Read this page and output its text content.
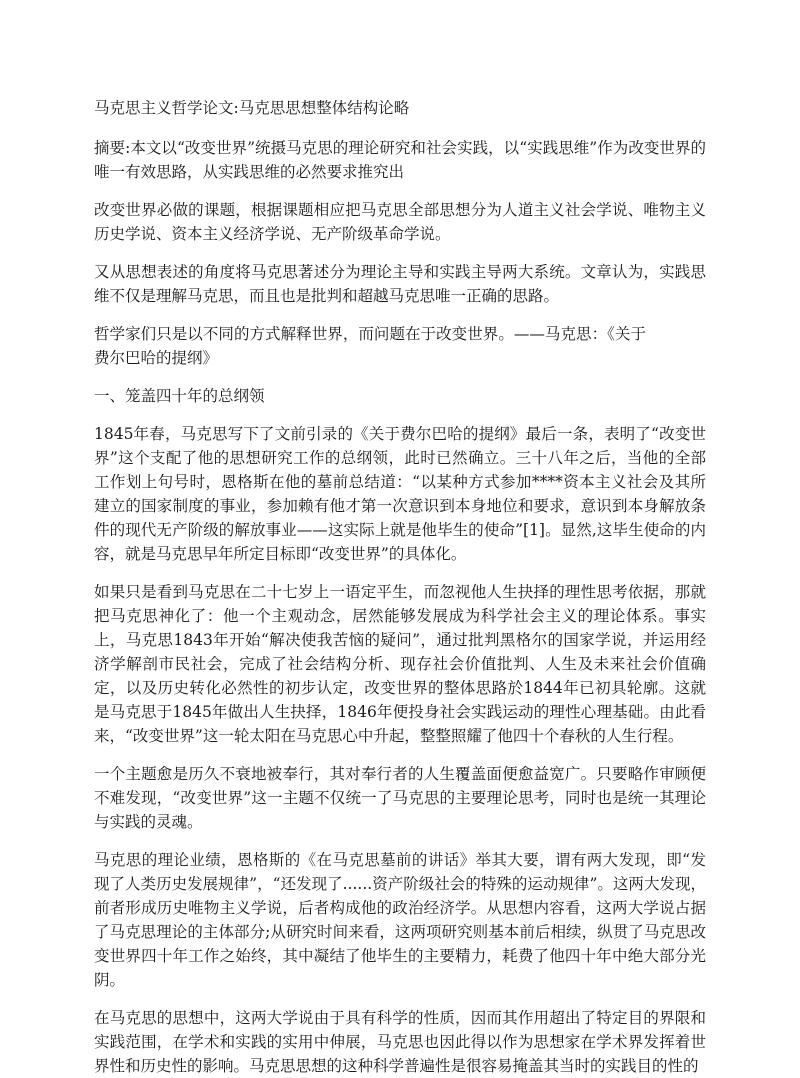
马克思主义哲学论文:马克思思想整体结构论略

摘要:本文以“改变世界”统摄马克思的理论研究和社会实践，以“实践思维”作为改变世界的唯一有效思路，从实践思维的必然要求推究出

改变世界必做的课题，根据课题相应把马克思全部思想分为人道主义社会学说、唯物主义历史学说、资本主义经济学说、无产阶级革命学说。

又从思想表述的角度将马克思著述分为理论主导和实践主导两大系统。文章认为，实践思维不仅是理解马克思，而且也是批判和超越马克思唯一正确的思路。

哲学家们只是以不同的方式解释世界，而问题在于改变世界。——马克思：《关于费尔巴哈的提纲》

一、笼盖四十年的总纲领

1845年春，马克思写下了文前引录的《关于费尔巴哈的提纲》最后一条，表明了“改变世界”这个支配了他的思想研究工作的总纲领，此时已然确立。三十八年之后，当他的全部工作划上句号时，恩格斯在他的墓前总结道：“以某种方式参加****资本主义社会及其所建立的国家制度的事业，参加赖有他才第一次意识到本身地位和要求，意识到本身解放条件的现代无产阶级的解放事业——这实际上就是他毕生的使命”[1]。显然,这毕生使命的内容，就是马克思早年所定目标即“改变世界”的具体化。

如果只是看到马克思在二十七岁上一语定平生，而忽视他人生抉择的理性思考依据，那就把马克思神化了：他一个主观动念，居然能够发展成为科学社会主义的理论体系。事实上，马克思1843年开始“解决使我苦恼的疑问”，通过批判黑格尔的国家学说，并运用经济学解剖市民社会，完成了社会结构分析、现存社会价值批判、人生及未来社会价值确定，以及历史转化必然性的初步认定，改变世界的整体思路於1844年已初具轮廓。这就是马克思于1845年做出人生抉择，1846年便投身社会实践运动的理性心理基础。由此看来，“改变世界”这一轮太阳在马克思心中升起，整整照耀了他四十个春秋的人生行程。

一个主题愈是历久不衰地被奉行，其对奉行者的人生覆盖面便愈益宽广。只要略作审顾便不难发现，“改变世界”这一主题不仅统一了马克思的主要理论思考，同时也是统一其理论与实践的灵魂。

马克思的理论业绩，恩格斯的《在马克思墓前的讲话》举其大要，谓有两大发现，即“发现了人类历史发展规律”，“还发现了......资产阶级社会的特殊的运动规律”。这两大发现，前者形成历史唯物主义学说，后者构成他的政治经济学。从思想内容看，这两大学说占据了马克思理论的主体部分;从研究时间来看，这两项研究则基本前后相续，纵贯了马克思改变世界四十年工作之始终，其中凝结了他毕生的主要精力，耗费了他四十年中绝大部分光阴。

在马克思的思想中，这两大学说由于具有科学的性质，因而其作用超出了特定目的界限和实践范围，在学术和实践的实用中伸展，马克思也因此得以作为思想家在学术界发挥着世界性和历史性的影响。马克思思想的这种科学普遍性是很容易掩盖其当时的实践目的性的
